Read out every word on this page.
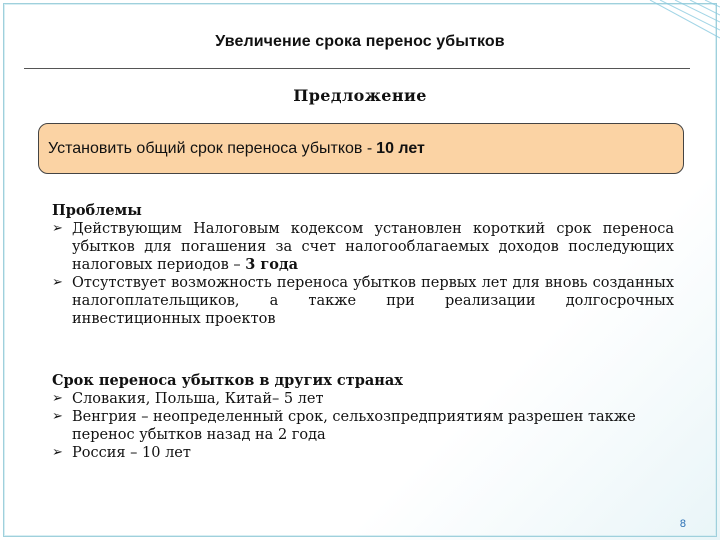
Увеличение срока перенос убытков
Предложение
Установить общий срок переноса убытков - 10 лет
Проблемы
➢ Действующим Налоговым кодексом установлен короткий срок переноса убытков для погашения за счет налогооблагаемых доходов последующих налоговых периодов – 3 года
➢ Отсутствует возможность переноса убытков первых лет для вновь созданных налогоплательщиков, а также при реализации долгосрочных инвестиционных проектов
Срок переноса убытков в других странах
➢ Словакия, Польша, Китай– 5 лет
➢ Венгрия – неопределенный срок, сельхозпредприятиям разрешен также перенос убытков назад на 2 года
➢ Россия – 10 лет
8
